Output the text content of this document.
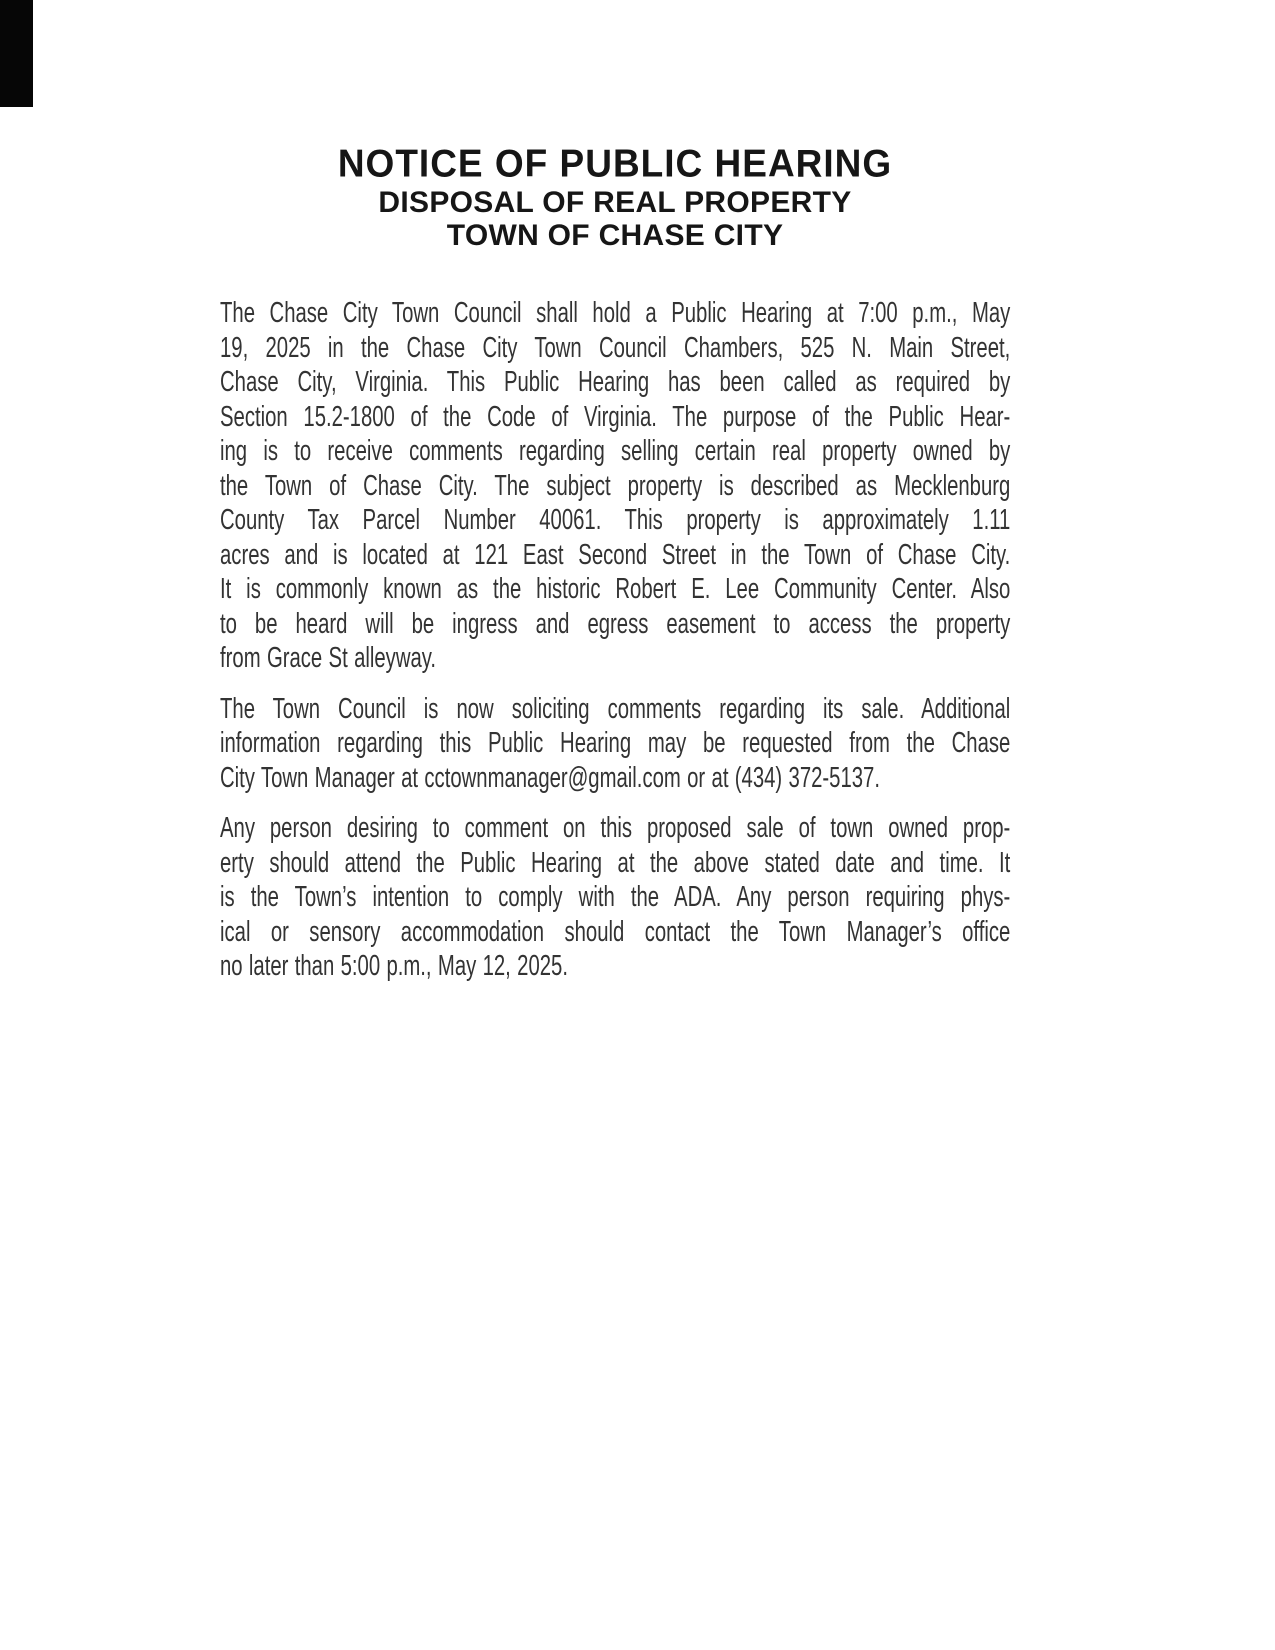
NOTICE OF PUBLIC HEARING
DISPOSAL OF REAL PROPERTY
TOWN OF CHASE CITY
The Chase City Town Council shall hold a Public Hearing at 7:00 p.m., May
19, 2025 in the Chase City Town Council Chambers, 525 N. Main Street,
Chase City, Virginia. This Public Hearing has been called as required by
Section 15.2-1800 of the Code of Virginia. The purpose of the Public Hear-
ing is to receive comments regarding selling certain real property owned by
the Town of Chase City. The subject property is described as Mecklenburg
County Tax Parcel Number 40061. This property is approximately 1.11
acres and is located at 121 East Second Street in the Town of Chase City.
It is commonly known as the historic Robert E. Lee Community Center. Also
to be heard will be ingress and egress easement to access the property
from Grace St alleyway.
The Town Council is now soliciting comments regarding its sale. Additional
information regarding this Public Hearing may be requested from the Chase
City Town Manager at cctownmanager@gmail.com or at (434) 372-5137.
Any person desiring to comment on this proposed sale of town owned prop-
erty should attend the Public Hearing at the above stated date and time. It
is the Town’s intention to comply with the ADA. Any person requiring phys-
ical or sensory accommodation should contact the Town Manager’s office
no later than 5:00 p.m., May 12, 2025.
